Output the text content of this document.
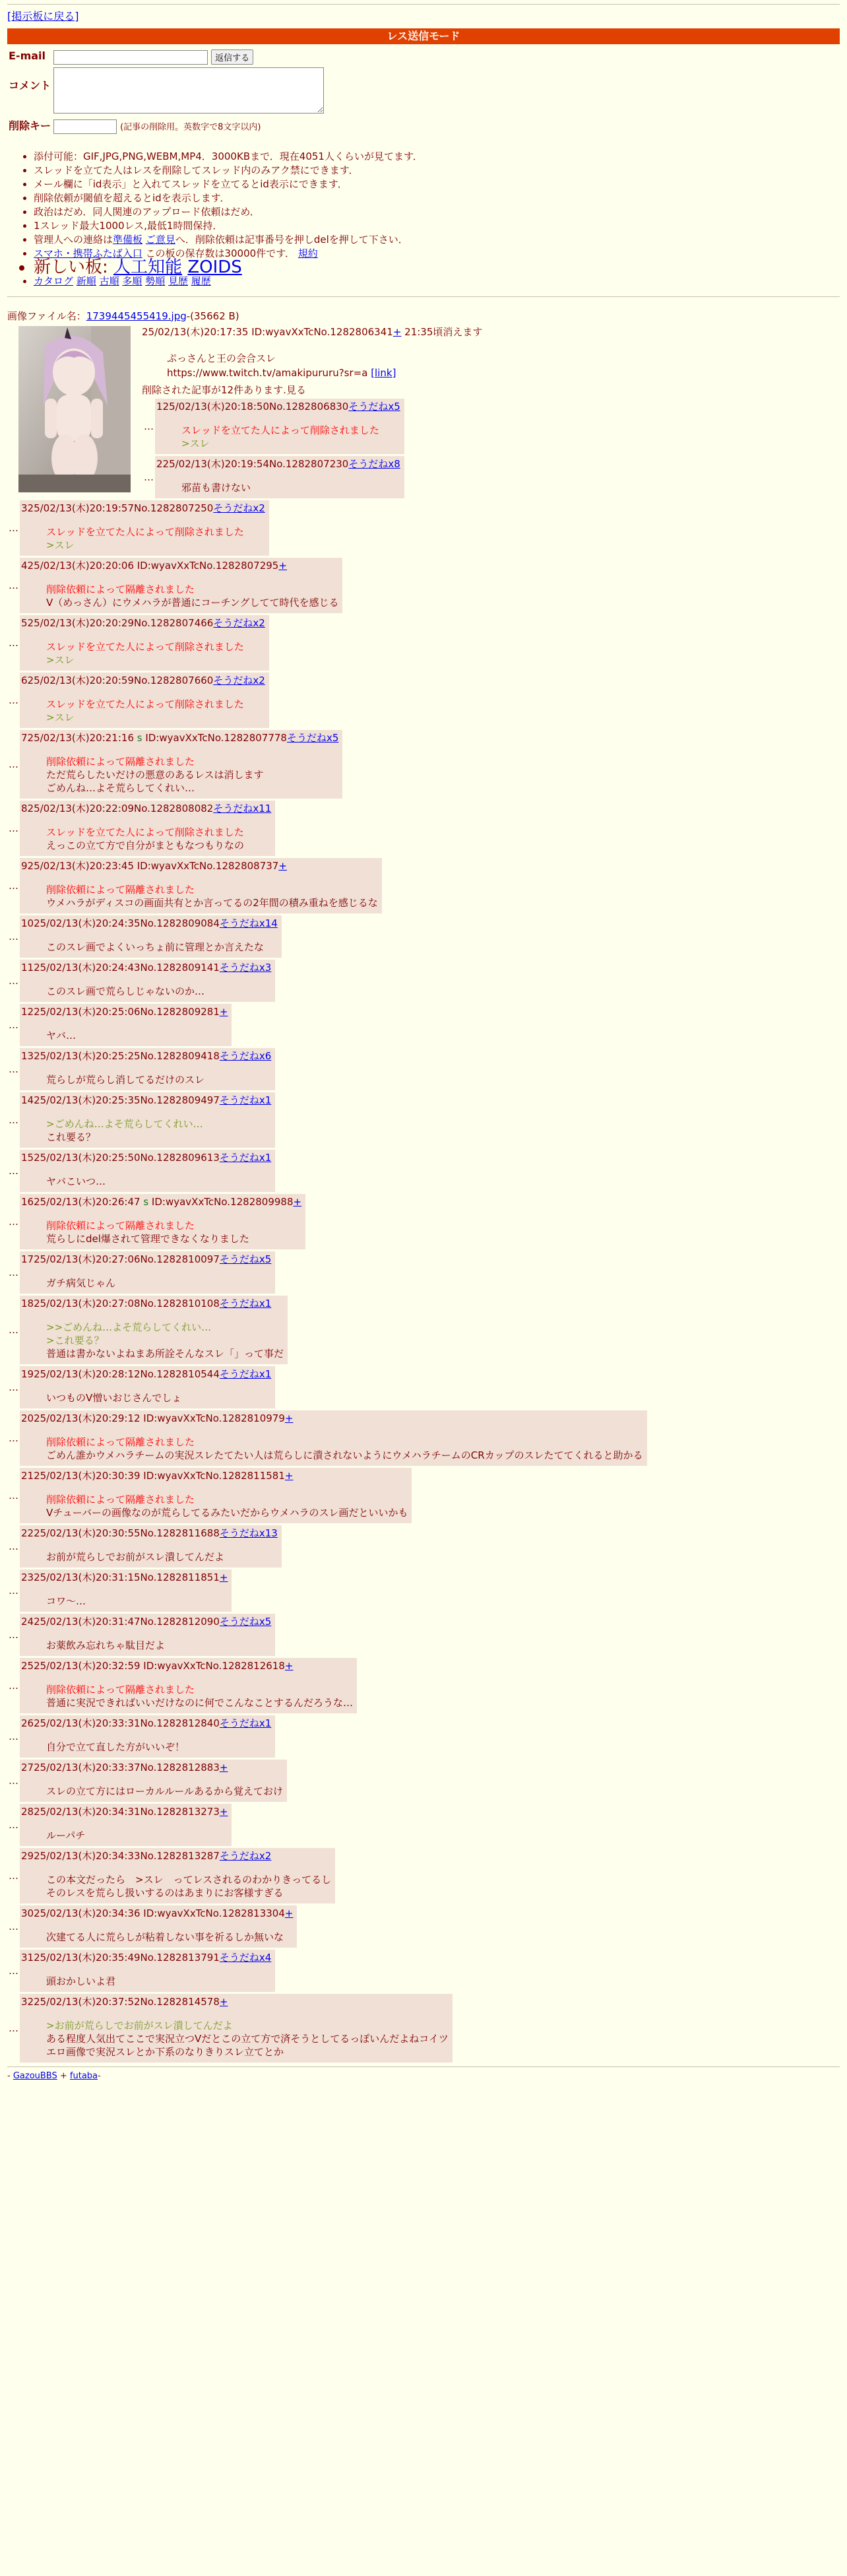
[掲示板に戻る]
レス送信モード
E-mail	返信する
コメント	
削除キー	(記事の削除用。英数字で8文字以内)
• 添付可能：GIF,JPG,PNG,WEBM,MP4．3000KBまで．現在4051人くらいが見てます．
• スレッドを立てた人はレスを削除してスレッド内のみアク禁にできます．
• メール欄に「id表示」と入れてスレッドを立てるとid表示にできます．
• 削除依頼が閾値を超えるとidを表示します．
• 政治はだめ．同人関連のアップロード依頼はだめ．
• 1スレッド最大1000レス,最低1時間保持．
• 管理人への連絡は準備板 ご意見へ．削除依頼は記事番号を押しdelを押して下さい．
• スマホ・携帯ふたば入口 この板の保存数は30000件です． 規約
• 新しい板: 人工知能 ZOIDS
• カタログ 新順 古順 多順 勢順 見歴 履歴
画像ファイル名：1739445455419.jpg-(35662 B)
25/02/13(木)20:17:35 ID:wyavXxTcNo.1282806341+ 21:35頃消えます
ぷっさんと王の会合スレ
https://www.twitch.tv/amakipururu?sr=a [link]
削除された記事が12件あります.見る
…
125/02/13(木)20:18:50No.1282806830そうだねx5
スレッドを立てた人によって削除されました
>スレ
…
225/02/13(木)20:19:54No.1282807230そうだねx8
邪苗も書けない
…
325/02/13(木)20:19:57No.1282807250そうだねx2
スレッドを立てた人によって削除されました
>スレ
…
425/02/13(木)20:20:06 ID:wyavXxTcNo.1282807295+
削除依頼によって隔離されました
V（めっさん）にウメハラが普通にコーチングしてて時代を感じる
…
525/02/13(木)20:20:29No.1282807466そうだねx2
スレッドを立てた人によって削除されました
>スレ
…
625/02/13(木)20:20:59No.1282807660そうだねx2
スレッドを立てた人によって削除されました
>スレ
…
725/02/13(木)20:21:16 s ID:wyavXxTcNo.1282807778そうだねx5
削除依頼によって隔離されました
ただ荒らしたいだけの悪意のあるレスは消します
ごめんね…よそ荒らしてくれい…
…
825/02/13(木)20:22:09No.1282808082そうだねx11
スレッドを立てた人によって削除されました
えっこの立て方で自分がまともなつもりなの
…
925/02/13(木)20:23:45 ID:wyavXxTcNo.1282808737+
削除依頼によって隔離されました
ウメハラがディスコの画面共有とか言ってるの2年間の積み重ねを感じるな
…
1025/02/13(木)20:24:35No.1282809084そうだねx14
このスレ画でよくいっちょ前に管理とか言えたな
…
1125/02/13(木)20:24:43No.1282809141そうだねx3
このスレ画で荒らしじゃないのか…
…
1225/02/13(木)20:25:06No.1282809281+
ヤバ…
…
1325/02/13(木)20:25:25No.1282809418そうだねx6
荒らしが荒らし消してるだけのスレ
…
1425/02/13(木)20:25:35No.1282809497そうだねx1
>ごめんね…よそ荒らしてくれい…
これ要る？
…
1525/02/13(木)20:25:50No.1282809613そうだねx1
ヤバこいつ…
…
1625/02/13(木)20:26:47 s ID:wyavXxTcNo.1282809988+
削除依頼によって隔離されました
荒らしにdel爆されて管理できなくなりました
…
1725/02/13(木)20:27:06No.1282810097そうだねx5
ガチ病気じゃん
…
1825/02/13(木)20:27:08No.1282810108そうだねx1
>>ごめんね…よそ荒らしてくれい…
>これ要る？
普通は書かないよねまあ所詮そんなスレ「」って事だ
…
1925/02/13(木)20:28:12No.1282810544そうだねx1
いつものV憎いおじさんでしょ
…
2025/02/13(木)20:29:12 ID:wyavXxTcNo.1282810979+
削除依頼によって隔離されました
ごめん誰かウメハラチームの実況スレたてたい人は荒らしに潰されないようにウメハラチームのCRカップのスレたててくれると助かる
…
2125/02/13(木)20:30:39 ID:wyavXxTcNo.1282811581+
削除依頼によって隔離されました
Vチューバーの画像なのが荒らしてるみたいだからウメハラのスレ画だといいかも
…
2225/02/13(木)20:30:55No.1282811688そうだねx13
お前が荒らしでお前がスレ潰してんだよ
…
2325/02/13(木)20:31:15No.1282811851+
コワ〜…
…
2425/02/13(木)20:31:47No.1282812090そうだねx5
お薬飲み忘れちゃ駄目だよ
…
2525/02/13(木)20:32:59 ID:wyavXxTcNo.1282812618+
削除依頼によって隔離されました
普通に実況できればいいだけなのに何でこんなことするんだろうな…
…
2625/02/13(木)20:33:31No.1282812840そうだねx1
自分で立て直した方がいいぞ！
…
2725/02/13(木)20:33:37No.1282812883+
スレの立て方にはローカルルールあるから覚えておけ
…
2825/02/13(木)20:34:31No.1282813273+
ルーパチ
…
2925/02/13(木)20:34:33No.1282813287そうだねx2
この本文だったら　>スレ　ってレスされるのわかりきってるし
そのレスを荒らし扱いするのはあまりにお客様すぎる
…
3025/02/13(木)20:34:36 ID:wyavXxTcNo.1282813304+
次建てる人に荒らしが粘着しない事を祈るしか無いな
…
3125/02/13(木)20:35:49No.1282813791そうだねx4
頭おかしいよ君
…
3225/02/13(木)20:37:52No.1282814578+
>お前が荒らしでお前がスレ潰してんだよ
ある程度人気出てここで実況立つVだとこの立て方で済そうとしてるっぽいんだよねコイツ
エロ画像で実況スレとか下系のなりきりスレ立てとか
- GazouBBS + futaba-
